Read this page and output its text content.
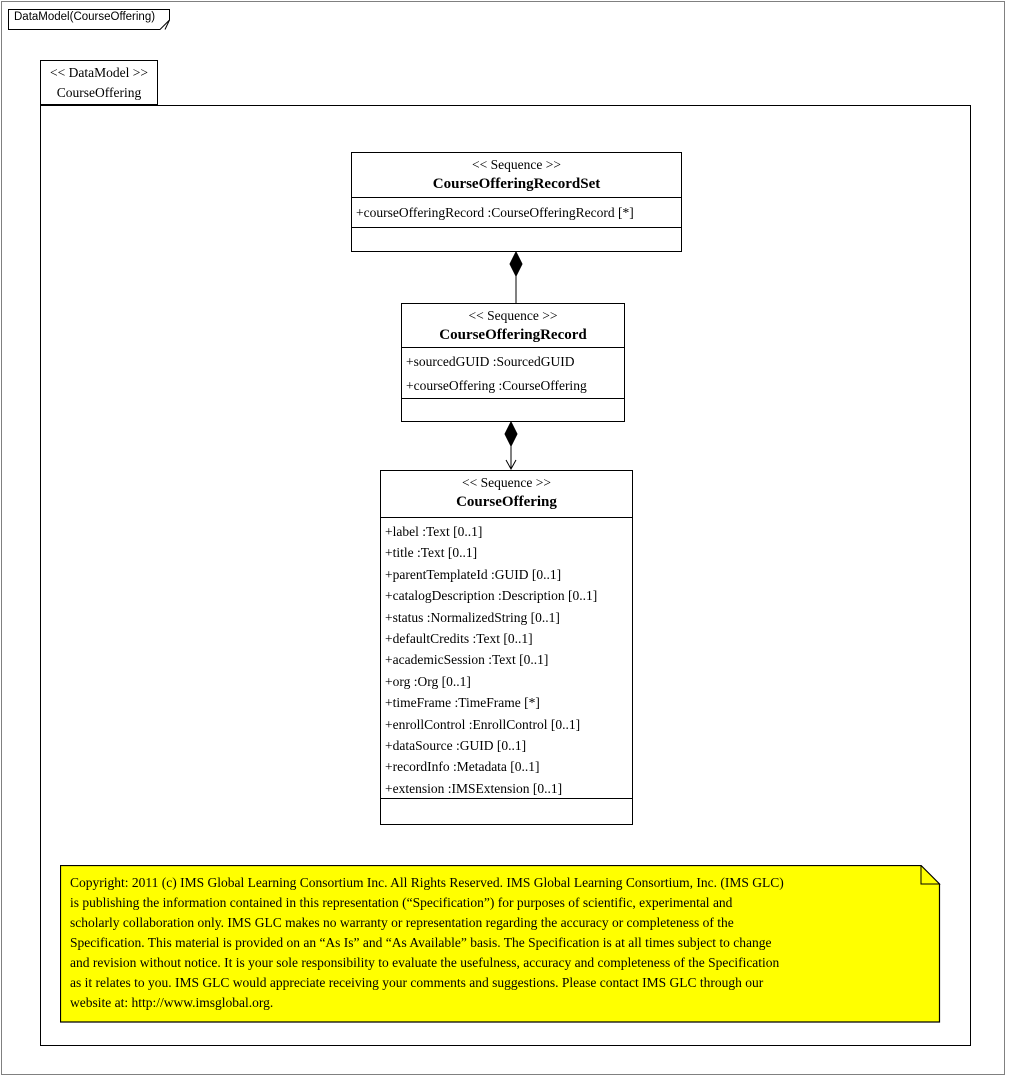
DataModel(CourseOffering)
<< DataModel >>
CourseOffering
<< Sequence >>
CourseOfferingRecordSet
+courseOfferingRecord :CourseOfferingRecord [*]
<< Sequence >>
CourseOfferingRecord
+sourcedGUID :SourcedGUID
+courseOffering :CourseOffering
<< Sequence >>
CourseOffering
+label :Text [0..1]
+title :Text [0..1]
+parentTemplateId :GUID [0..1]
+catalogDescription :Description [0..1]
+status :NormalizedString [0..1]
+defaultCredits :Text [0..1]
+academicSession :Text [0..1]
+org :Org [0..1]
+timeFrame :TimeFrame [*]
+enrollControl :EnrollControl [0..1]
+dataSource :GUID [0..1]
+recordInfo :Metadata [0..1]
+extension :IMSExtension [0..1]
Copyright: 2011 (c) IMS Global Learning Consortium Inc. All Rights Reserved. IMS Global Learning Consortium, Inc. (IMS GLC)
is publishing the information contained in this representation (“Specification”) for purposes of scientific, experimental and
scholarly collaboration only. IMS GLC makes no warranty or representation regarding the accuracy or completeness of the
Specification. This material is provided on an “As Is” and “As Available” basis. The Specification is at all times subject to change
and revision without notice. It is your sole responsibility to evaluate the usefulness, accuracy and completeness of the Specification
as it relates to you. IMS GLC would appreciate receiving your comments and suggestions. Please contact IMS GLC through our
website at: http://www.imsglobal.org.
